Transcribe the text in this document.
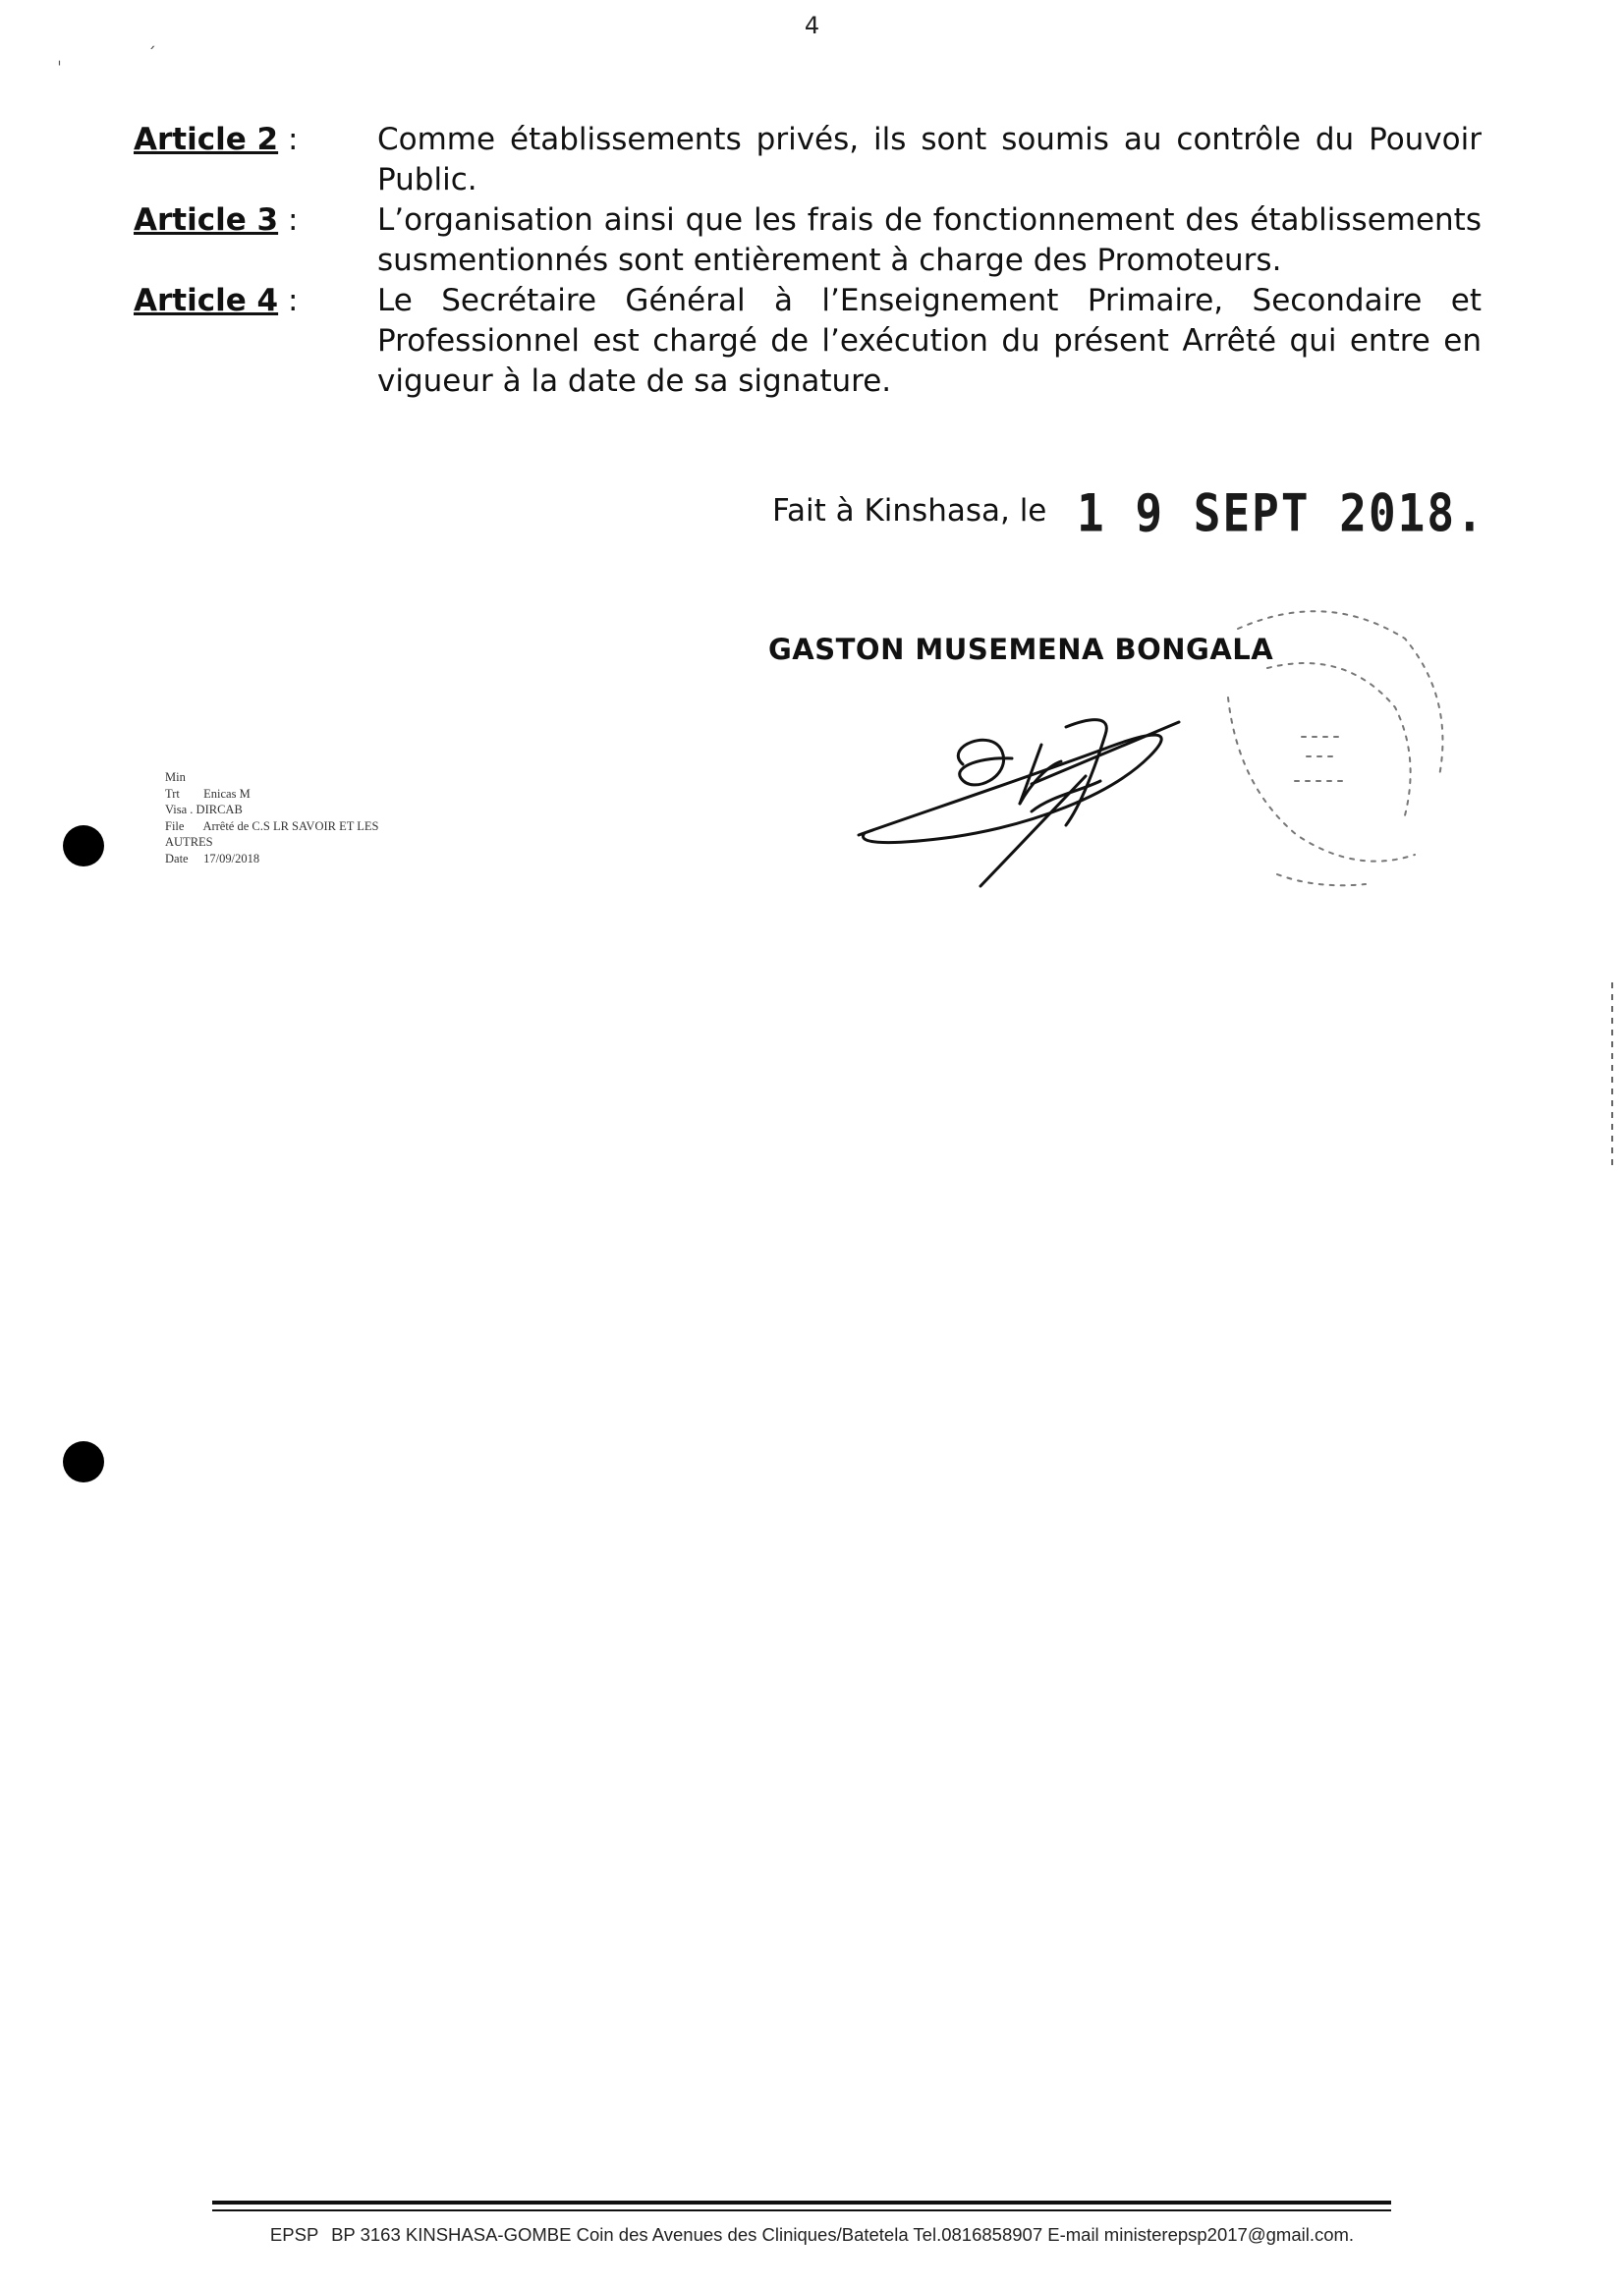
4
ˌ
ˏ
Article 2 :	Comme établissements privés, ils sont soumis au contrôle du Pouvoir Public.
Article 3 :	L’organisation ainsi que les frais de fonctionnement des établissements susmentionnés sont entièrement à charge des Promoteurs.
Article 4 :	Le Secrétaire Général à l’Enseignement Primaire, Secondaire et Professionnel est chargé de l’exécution du présent Arrêté qui entre en vigueur à la date de sa signature.
Fait à Kinshasa, le 1 9 SEPT 2018.
GASTON MUSEMENA BONGALA
Min
Trt Enicas M
Visa . DIRCAB
File Arrêté de C.S LR SAVOIR ET LES
AUTRES
Date 17/09/2018
EPSP BP 3163 KINSHASA-GOMBE Coin des Avenues des Cliniques/Batetela Tel.0816858907 E-mail ministerepsp2017@gmail.com.
